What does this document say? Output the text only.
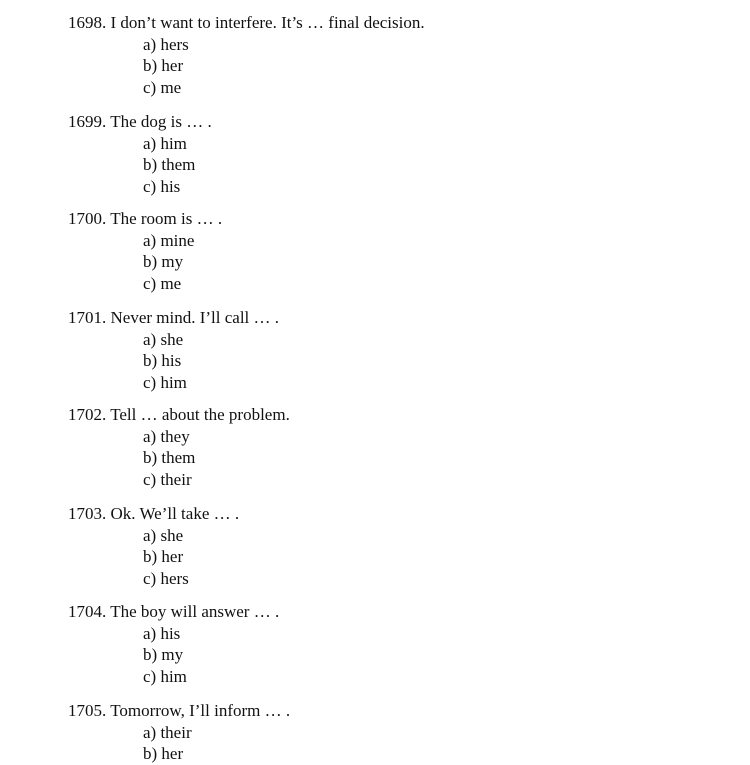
1698. I don’t want to interfere. It’s … final decision.

a) hers
b) her
c) me

1699. The dog is … .

a) him
b) them
c) his

1700. The room is … .

a) mine
b) my
c) me

1701. Never mind. I’ll call … .

a) she
b) his
c) him

1702. Tell … about the problem.

a) they
b) them
c) their

1703. Ok. We’ll take … .

a) she
b) her
c) hers

1704. The boy will answer … .

a) his
b) my
c) him

1705. Tomorrow, I’ll inform … .

a) their
b) her
